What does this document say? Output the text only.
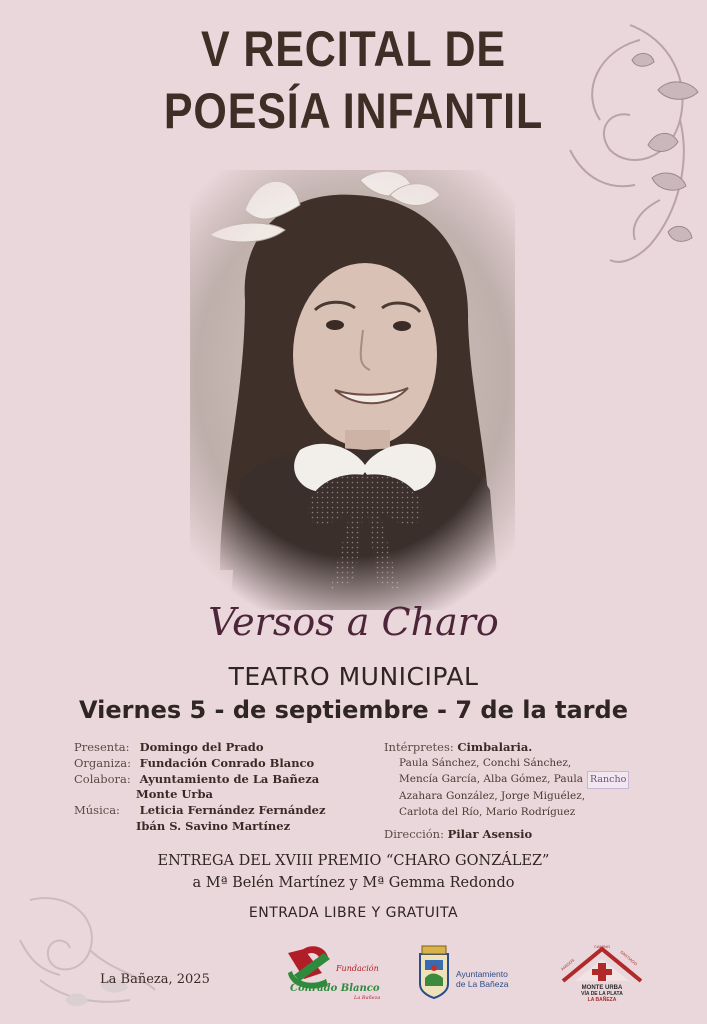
V RECITAL DE
POESÍA INFANTIL
Versos a Charo
TEATRO MUNICIPAL
Viernes 5 - de septiembre - 7 de la tarde
Presenta: Domingo del Prado
Organiza: Fundación Conrado Blanco
Colabora: Ayuntamiento de La Bañeza
Monte Urba
Música: Leticia Fernández Fernández
Ibán S. Savino Martínez
Intérpretes: Cimbalaria.
Paula Sánchez, Conchi Sánchez,
Mencía García, Alba Gómez, Paula Rancho
Azahara González, Jorge Miguélez,
Carlota del Río, Mario Rodríguez
Dirección: Pilar Asensio
ENTREGA DEL XVIII PREMIO “CHARO GONZÁLEZ”
a Mª Belén Martínez y Mª Gemma Redondo
ENTRADA LIBRE Y GRATUITA
La Bañeza, 2025
Fundación
Conrado Blanco
La Bañeza
Ayuntamiento
de La Bañeza
AMIGOS
CAMINO
SANTIAGO
MONTE URBA
VÍA DE LA PLATA
LA BAÑEZA
